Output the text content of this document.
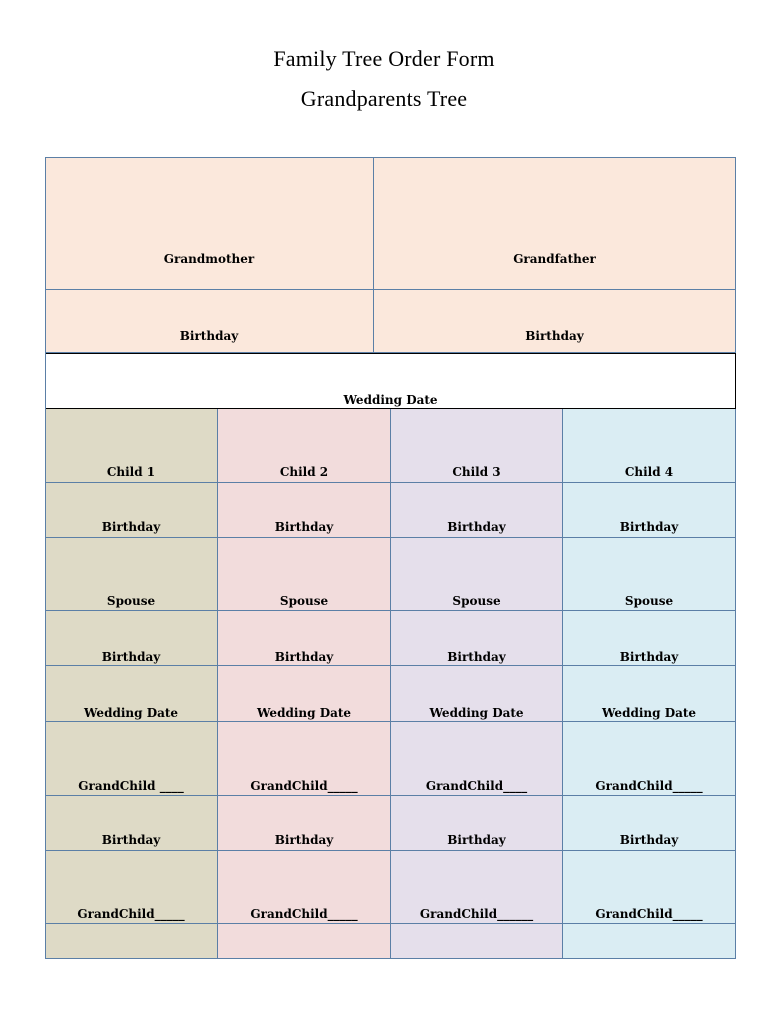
Family Tree Order Form
Grandparents Tree
Grandmother	Grandfather
Birthday	Birthday
Wedding Date
Child 1
Birthday
Spouse
Birthday
Wedding Date
GrandChild ____
Birthday
GrandChild_____
Child 2
Birthday
Spouse
Birthday
Wedding Date
GrandChild_____
Birthday
GrandChild_____
Child 3
Birthday
Spouse
Birthday
Wedding Date
GrandChild____
Birthday
GrandChild______
Child 4
Birthday
Spouse
Birthday
Wedding Date
GrandChild_____
Birthday
GrandChild_____
